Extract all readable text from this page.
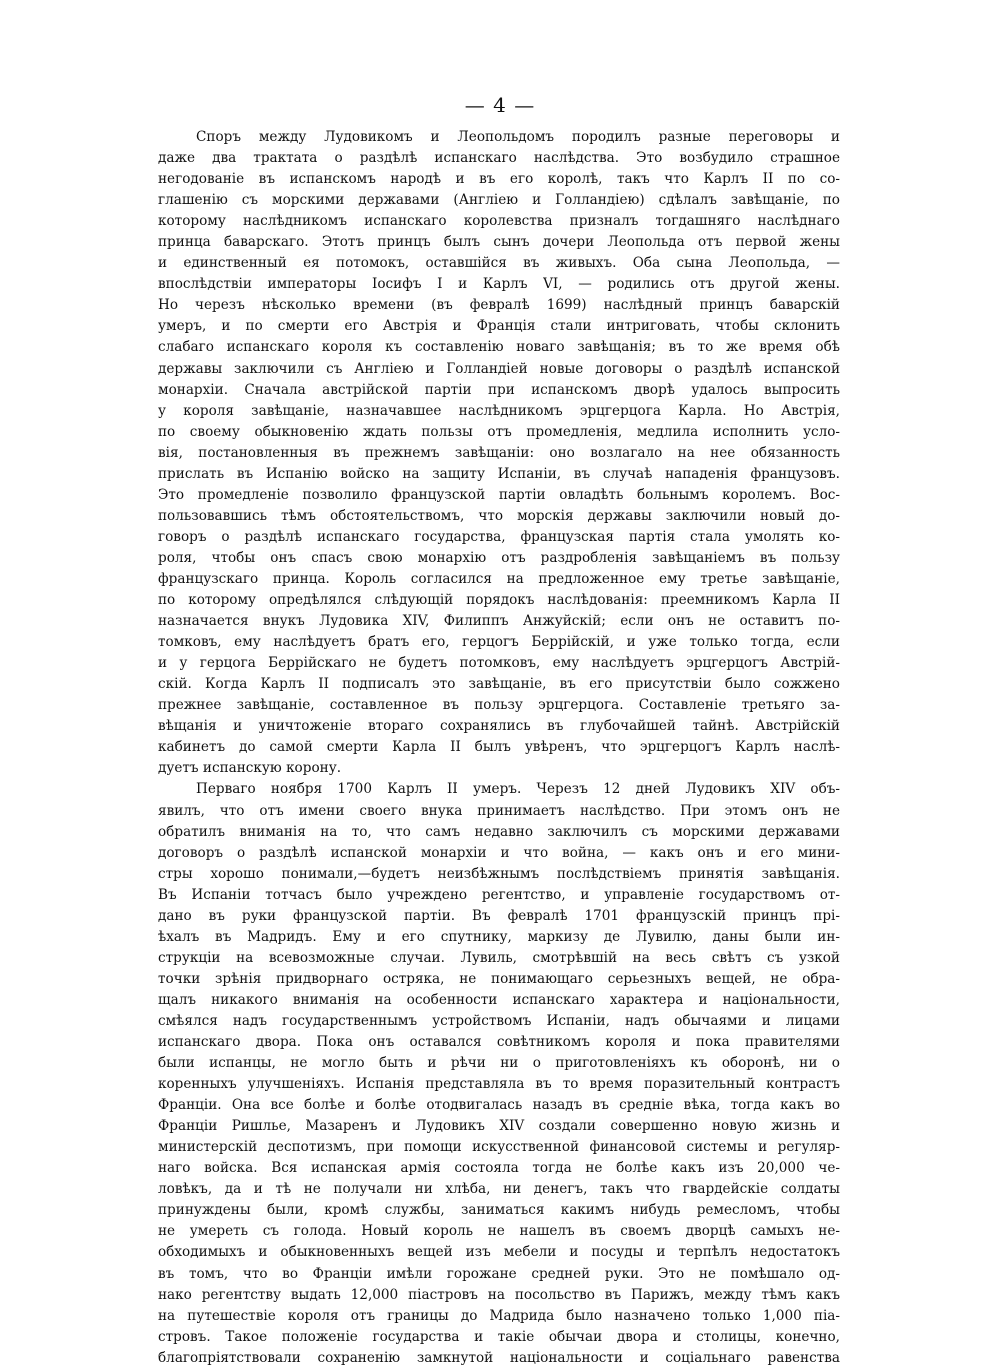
— 4 —
Споръ между Лудовикомъ и Леопольдомъ породилъ разные переговоры и
даже два трактата о раздѣлѣ испанскаго наслѣдства. Это возбудило страшное
негодованіе въ испанскомъ народѣ и въ его королѣ, такъ что Карлъ II по со-
глашенію съ морскими державами (Англіею и Голландіею) сдѣлалъ завѣщаніе, по
которому наслѣдникомъ испанскаго королевства призналъ тогдашняго наслѣднаго
принца баварскаго. Этотъ принцъ былъ сынъ дочери Леопольда отъ первой жены
и единственный ея потомокъ, оставшійся въ живыхъ. Оба сына Леопольда, —
впослѣдствіи императоры Іосифъ I и Карлъ VI, — родились отъ другой жены.
Но черезъ нѣсколько времени (въ февралѣ 1699) наслѣдный принцъ баварскій
умеръ, и по смерти его Австрія и Франція стали интриговать, чтобы склонить
слабаго испанскаго короля къ составленію новаго завѣщанія; въ то же время обѣ
державы заключили съ Англіею и Голландіей новые договоры о раздѣлѣ испанской
монархіи. Сначала австрійской партіи при испанскомъ дворѣ удалось выпросить
у короля завѣщаніе, назначавшее наслѣдникомъ эрцгерцога Карла. Но Австрія,
по своему обыкновенію ждать пользы отъ промедленія, медлила исполнить усло-
вія, постановленныя въ прежнемъ завѣщаніи: оно возлагало на нее обязанность
прислать въ Испанію войско на защиту Испаніи, въ случаѣ нападенія французовъ.
Это промедленіе позволило французской партіи овладѣть больнымъ королемъ. Вос-
пользовавшись тѣмъ обстоятельствомъ, что морскія державы заключили новый до-
говоръ о раздѣлѣ испанскаго государства, французская партія стала умолять ко-
роля, чтобы онъ спасъ свою монархію отъ раздробленія завѣщаніемъ въ пользу
французскаго принца. Король согласился на предложенное ему третье завѣщаніе,
по которому опредѣлялся слѣдующій порядокъ наслѣдованія: преемникомъ Карла II
назначается внукъ Лудовика XIV, Филиппъ Анжуйскій; если онъ не оставитъ по-
томковъ, ему наслѣдуетъ братъ его, герцогъ Беррійскій, и уже только тогда, если
и у герцога Беррійскаго не будетъ потомковъ, ему наслѣдуетъ эрцгерцогъ Австрій-
скій. Когда Карлъ II подписалъ это завѣщаніе, въ его присутствіи было сожжено
прежнее завѣщаніе, составленное въ пользу эрцгерцога. Составленіе третьяго за-
вѣщанія и уничтоженіе втораго сохранялись въ глубочайшей тайнѣ. Австрійскій
кабинетъ до самой смерти Карла II былъ увѣренъ, что эрцгерцогъ Карлъ наслѣ-
дуетъ испанскую корону.
Перваго ноября 1700 Карлъ II умеръ. Черезъ 12 дней Лудовикъ XIV объ-
явилъ, что отъ имени своего внука принимаетъ наслѣдство. При этомъ онъ не
обратилъ вниманія на то, что самъ недавно заключилъ съ морскими державами
договоръ о раздѣлѣ испанской монархіи и что война, — какъ онъ и его мини-
стры хорошо понимали,—будетъ неизбѣжнымъ послѣдствіемъ принятія завѣщанія.
Въ Испаніи тотчасъ было учреждено регентство, и управленіе государствомъ от-
дано въ руки французской партіи. Въ февралѣ 1701 французскій принцъ прі-
ѣхалъ въ Мадридъ. Ему и его спутнику, маркизу де Лувилю, даны были ин-
струкціи на всевозможные случаи. Лувиль, смотрѣвшій на весь свѣтъ съ узкой
точки зрѣнія придворнаго остряка, не понимающаго серьезныхъ вещей, не обра-
щалъ никакого вниманія на особенности испанскаго характера и національности,
смѣялся надъ государственнымъ устройствомъ Испаніи, надъ обычаями и лицами
испанскаго двора. Пока онъ оставался совѣтникомъ короля и пока правителями
были испанцы, не могло быть и рѣчи ни о приготовленіяхъ къ оборонѣ, ни о
коренныхъ улучшеніяхъ. Испанія представляла въ то время поразительный контрастъ
Франціи. Она все болѣе и болѣе отодвигалась назадъ въ средніе вѣка, тогда какъ во
Франціи Ришлье, Мазаренъ и Лудовикъ XIV создали совершенно новую жизнь и
министерскій деспотизмъ, при помощи искусственной финансовой системы и регуляр-
наго войска. Вся испанская армія состояла тогда не болѣе какъ изъ 20,000 че-
ловѣкъ, да и тѣ не получали ни хлѣба, ни денегъ, такъ что гвардейскіе солдаты
принуждены были, кромѣ службы, заниматься какимъ нибудь ремесломъ, чтобы
не умереть съ голода. Новый король не нашелъ въ своемъ дворцѣ самыхъ не-
обходимыхъ и обыкновенныхъ вещей изъ мебели и посуды и терпѣлъ недостатокъ
въ томъ, что во Франціи имѣли горожане средней руки. Это не помѣшало од-
нако регентству выдать 12,000 піастровъ на посольство въ Парижъ, между тѣмъ какъ
на путешествіе короля отъ границы до Мадрида было назначено только 1,000 піа-
стровъ. Такое положеніе государства и такіе обычаи двора и столицы, конечно,
благопріятствовали сохраненію замкнутой національности и соціальнаго равенства
